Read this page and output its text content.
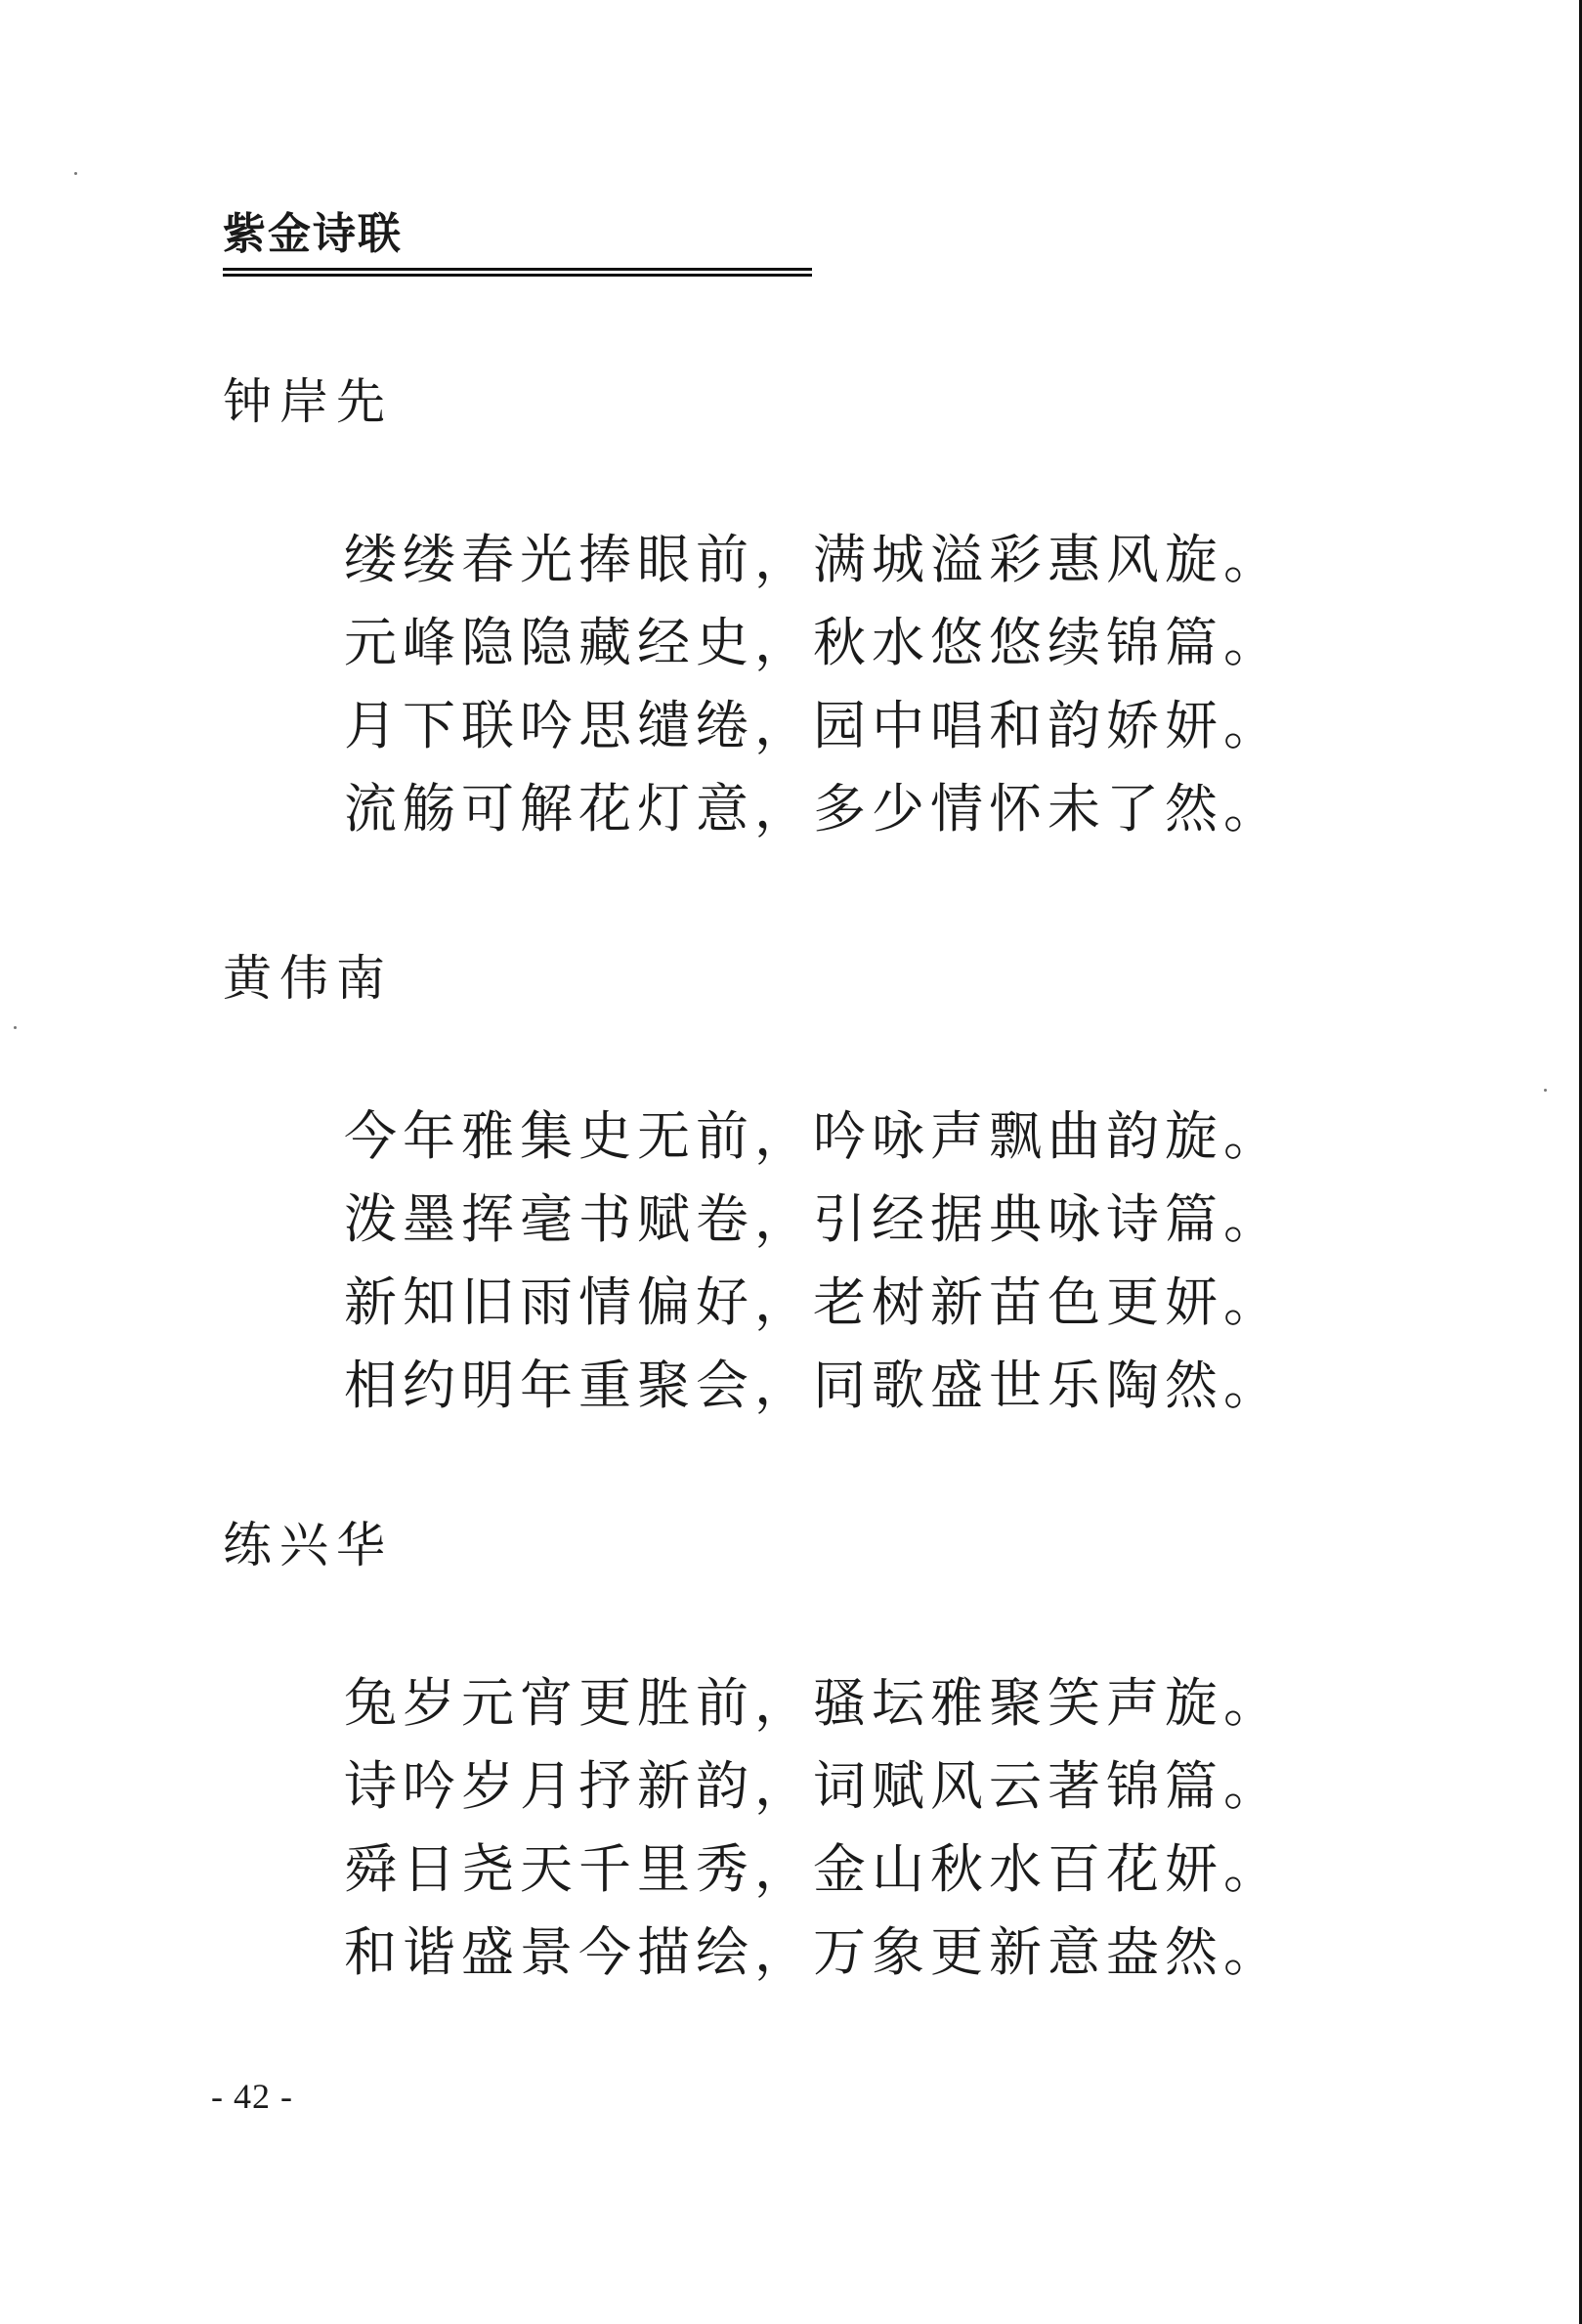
紫金诗联
钟岸先
缕缕春光捧眼前，满城溢彩惠风旋。
元峰隐隐藏经史，秋水悠悠续锦篇。
月下联吟思缱绻，园中唱和韵娇妍。
流觞可解花灯意，多少情怀未了然。
黄伟南
今年雅集史无前，吟咏声飘曲韵旋。
泼墨挥毫书赋卷，引经据典咏诗篇。
新知旧雨情偏好，老树新苗色更妍。
相约明年重聚会，同歌盛世乐陶然。
练兴华
兔岁元宵更胜前，骚坛雅聚笑声旋。
诗吟岁月抒新韵，词赋风云著锦篇。
舜日尧天千里秀，金山秋水百花妍。
和谐盛景今描绘，万象更新意盎然。
- 42 -
